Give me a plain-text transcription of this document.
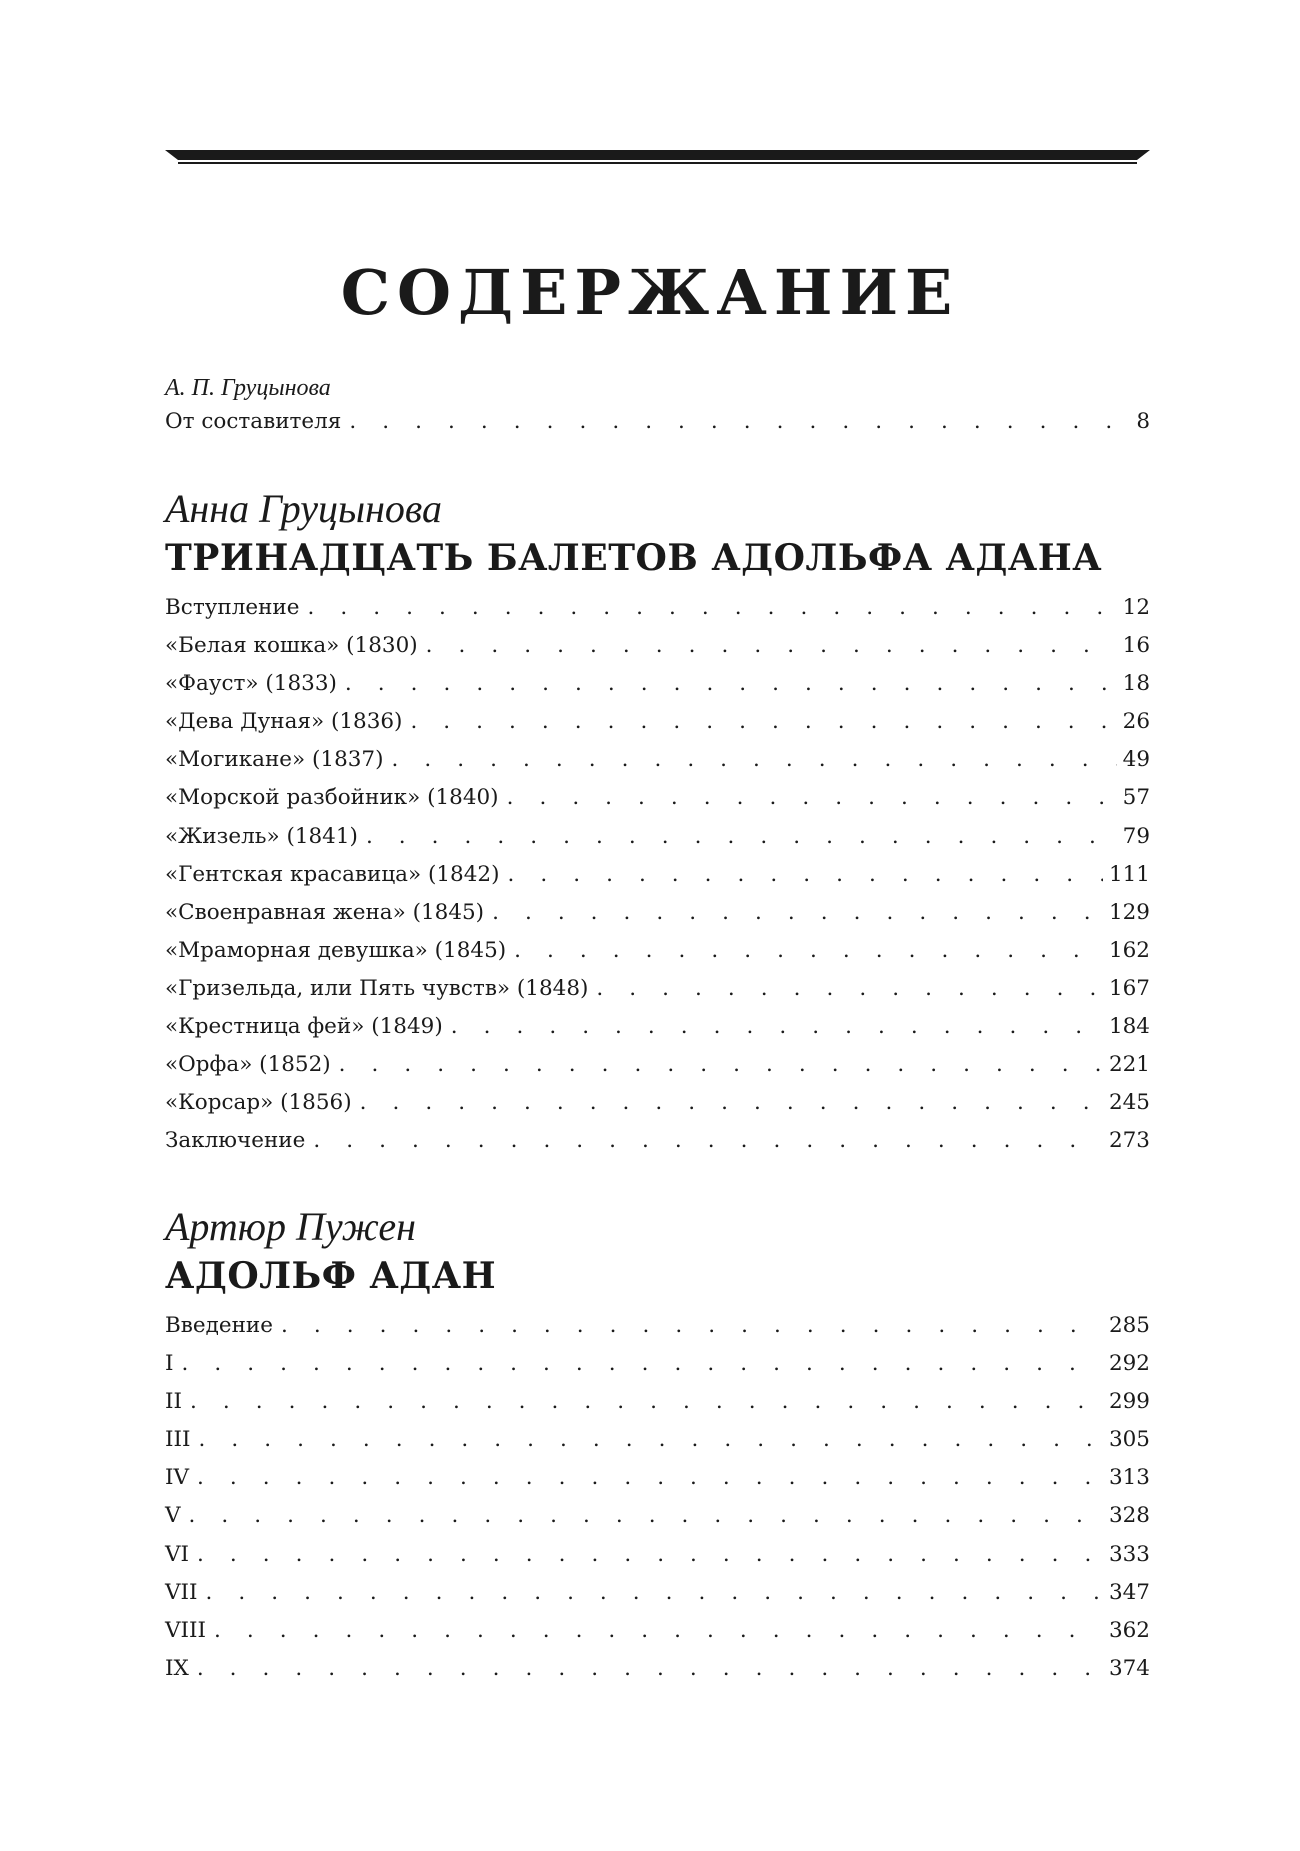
СОДЕРЖАНИЕ
А. П. Груцынова
От составителя . . .	8
Анна Груцынова
ТРИНАДЦАТЬ БАЛЕТОВ АДОЛЬФА АДАНА
Вступление . . .	12
«Белая кошка» (1830) . . .	16
«Фауст» (1833) . . .	18
«Дева Дуная» (1836) . . .	26
«Могикане» (1837) . . .	49
«Морской разбойник» (1840) . . .	57
«Жизель» (1841) . . .	79
«Гентская красавица» (1842) . . .	111
«Своенравная жена» (1845) . . .	129
«Мраморная девушка» (1845) . . .	162
«Гризельда, или Пять чувств» (1848) . . .	167
«Крестница фей» (1849) . . .	184
«Орфа» (1852) . . .	221
«Корсар» (1856) . . .	245
Заключение . . .	273
Артюр Пужен
АДОЛЬФ АДАН
Введение . . .	285
I . . .	292
II . . .	299
III . . .	305
IV . . .	313
V . . .	328
VI . . .	333
VII . . .	347
VIII . . .	362
IX . . .	374
